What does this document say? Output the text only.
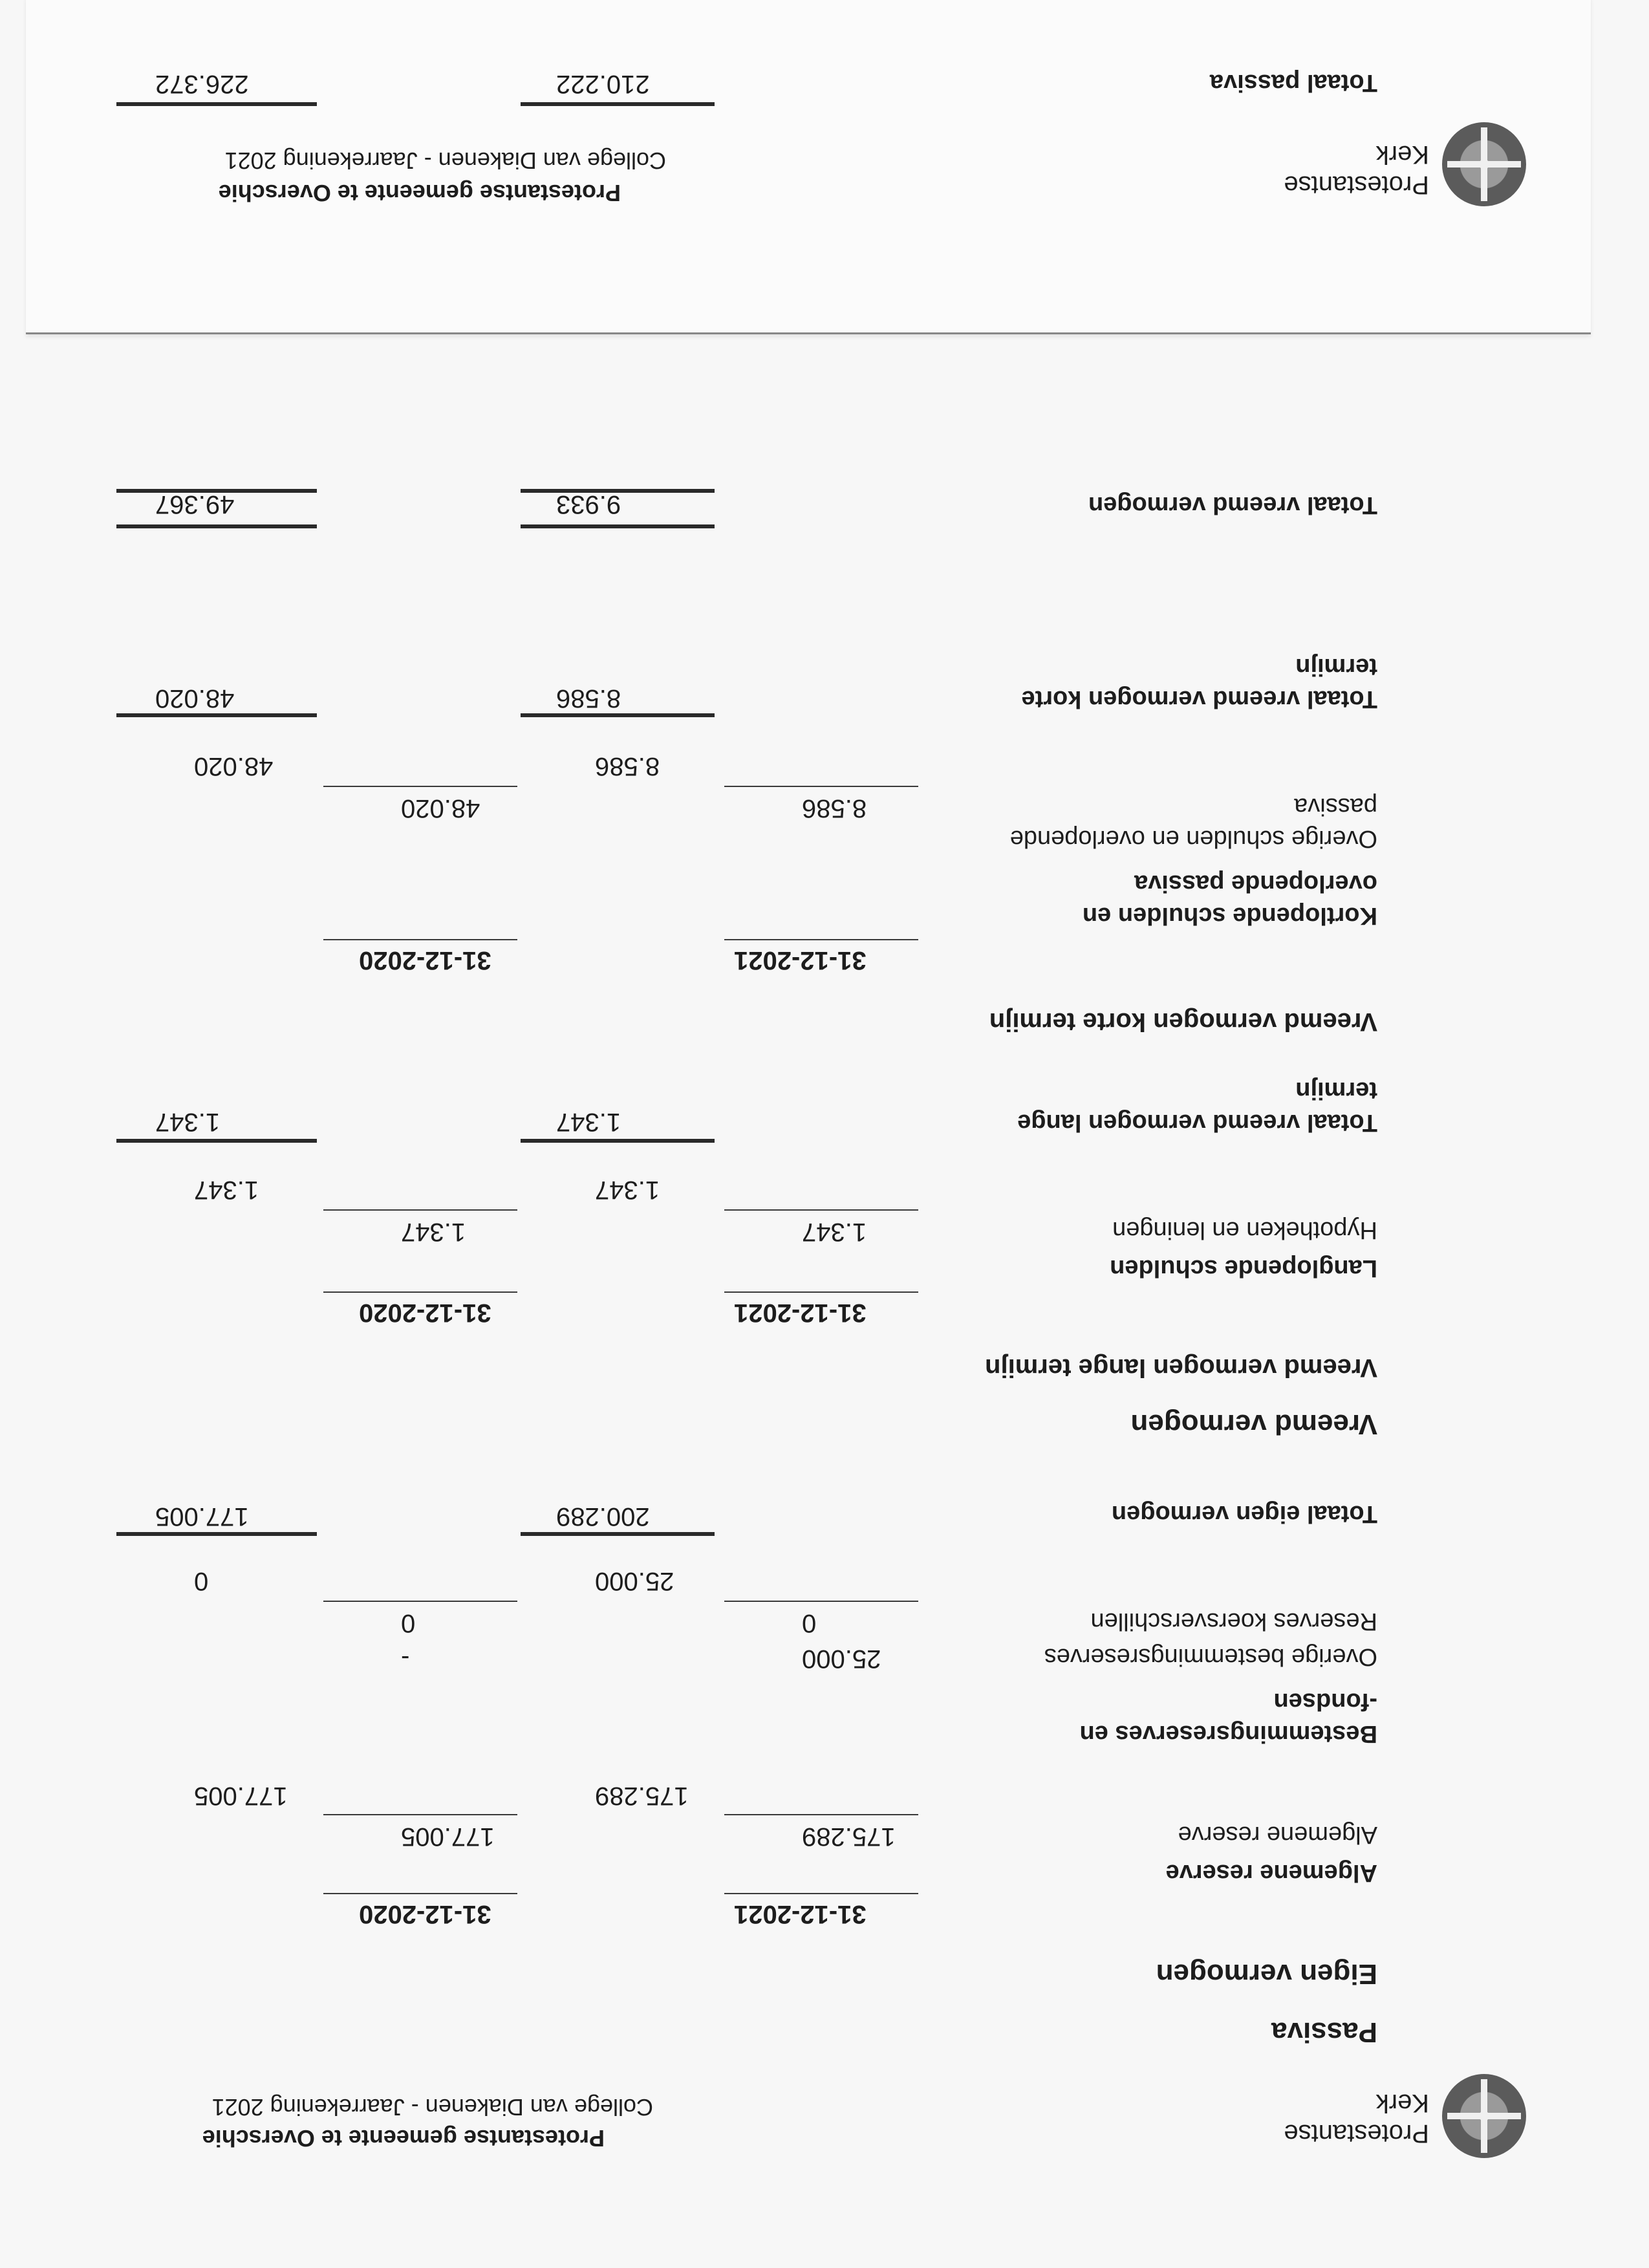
Protestantse
Kerk
Protestantse gemeente te Overschie
College van Diakenen - Jaarrekening 2021
Passiva
Eigen vermogen
31-12-2021
31-12-2020
Algemene reserve
Algemene reserve
175.289
177.005
175.289
177.005
Bestemmingsreserves en
-fondsen
Overige bestemmingsreserves
25.000
-
Reserves koersverschillen
0
0
25.000
0
Totaal eigen vermogen
200.289
177.005
Vreemd vermogen
Vreemd vermogen lange termijn
31-12-2021
31-12-2020
Langlopende schulden
Hypotheken en leningen
1.347
1.347
1.347
1.347
Totaal vreemd vermogen lange
termijn
1.347
1.347
Vreemd vermogen korte termijn
31-12-2021
31-12-2020
Kortlopende schulden en
overlopende passiva
Overige schulden en overlopende
passiva
8.586
48.020
8.586
48.020
Totaal vreemd vermogen korte
termijn
8.586
48.020
Totaal vreemd vermogen
9.933
49.367
Protestantse
Kerk
Protestantse gemeente te Overschie
College van Diakenen - Jaarrekening 2021
Totaal passiva
210.222
226.372
